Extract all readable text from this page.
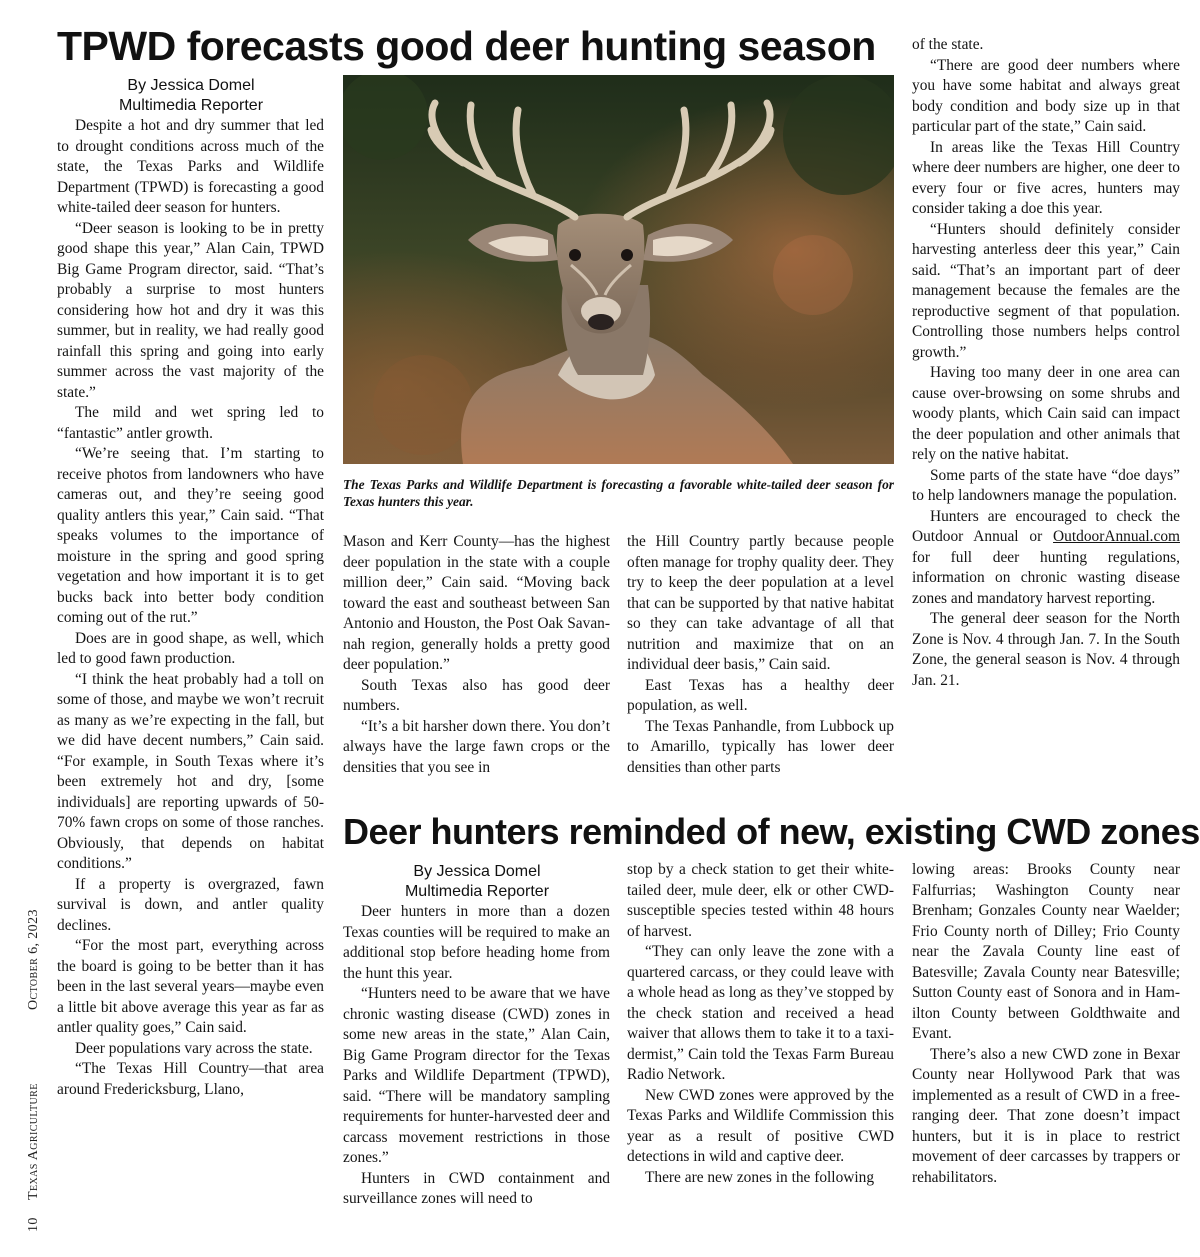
TPWD forecasts good deer hunting season
By Jessica Domel
Multimedia Reporter

Despite a hot and dry summer that led to drought conditions across much of the state, the Texas Parks and Wildlife Department (TPWD) is forecasting a good white-tailed deer season for hunters.

“Deer season is looking to be in pretty good shape this year,” Alan Cain, TPWD Big Game Program director, said. “That’s probably a surprise to most hunters considering how hot and dry it was this summer, but in reality, we had really good rainfall this spring and going into early summer across the vast majority of the state.”

The mild and wet spring led to “fantastic” antler growth.

“We’re seeing that. I’m starting to receive photos from landowners who have cameras out, and they’re seeing good quality antlers this year,” Cain said. “That speaks volumes to the importance of moisture in the spring and good spring vegetation and how important it is to get bucks back into better body condition coming out of the rut.”

Does are in good shape, as well, which led to good fawn production.

“I think the heat probably had a toll on some of those, and maybe we won’t recruit as many as we’re expecting in the fall, but we did have decent numbers,” Cain said. “For example, in South Texas where it’s been extremely hot and dry, [some individuals] are reporting upwards of 50-70% fawn crops on some of those ranches. Obviously, that depends on habitat conditions.”

If a property is overgrazed, fawn survival is down, and antler quality declines.

“For the most part, everything across the board is going to be better than it has been in the last several years—maybe even a little bit above average this year as far as antler quality goes,” Cain said.

Deer populations vary across the state.

“The Texas Hill Country—that area around Fredericksburg, Llano,

The Texas Parks and Wildlife Department is forecasting a favorable white-tailed deer season for Texas hunters this year.

Mason and Kerr County—has the highest deer population in the state with a couple million deer,” Cain said. “Moving back toward the east and southeast between San Antonio and Houston, the Post Oak Savannah region, generally holds a pretty good deer population.”

South Texas also has good deer numbers.

“It’s a bit harsher down there. You don’t always have the large fawn crops or the densities that you see in

the Hill Country partly because people often manage for trophy quality deer. They try to keep the deer population at a level that can be supported by that native habitat so they can take advantage of all that nutrition and maximize that on an individual deer basis,” Cain said.

East Texas has a healthy deer population, as well.

The Texas Panhandle, from Lubbock up to Amarillo, typically has lower deer densities than other parts

of the state.

“There are good deer numbers where you have some habitat and always great body condition and body size up in that particular part of the state,” Cain said.

In areas like the Texas Hill Country where deer numbers are higher, one deer to every four or five acres, hunters may consider taking a doe this year.

“Hunters should definitely consider harvesting anterless deer this year,” Cain said. “That’s an important part of deer management because the females are the reproductive segment of that population. Controlling those numbers helps control growth.”

Having too many deer in one area can cause over-browsing on some shrubs and woody plants, which Cain said can impact the deer population and other animals that rely on the native habitat.

Some parts of the state have “doe days” to help landowners manage the population.

Hunters are encouraged to check the Outdoor Annual or OutdoorAnnual.com for full deer hunting regulations, information on chronic wasting disease zones and mandatory harvest reporting.

The general deer season for the North Zone is Nov. 4 through Jan. 7. In the South Zone, the general season is Nov. 4 through Jan. 21.

Deer hunters reminded of new, existing CWD zones
By Jessica Domel
Multimedia Reporter

Deer hunters in more than a dozen Texas counties will be required to make an additional stop before heading home from the hunt this year.

“Hunters need to be aware that we have chronic wasting disease (CWD) zones in some new areas in the state,” Alan Cain, Big Game Program director for the Texas Parks and Wildlife Department (TPWD), said. “There will be mandatory sampling requirements for hunter-harvested deer and carcass movement restrictions in those zones.”

Hunters in CWD containment and surveillance zones will need to

stop by a check station to get their white-tailed deer, mule deer, elk or other CWD-susceptible species tested within 48 hours of harvest.

“They can only leave the zone with a quartered carcass, or they could leave with a whole head as long as they’ve stopped by the check station and received a head waiver that allows them to take it to a taxidermist,” Cain told the Texas Farm Bureau Radio Network.

New CWD zones were approved by the Texas Parks and Wildlife Commission this year as a result of positive CWD detections in wild and captive deer.

There are new zones in the following

lowing areas: Brooks County near Falfurrias; Washington County near Brenham; Gonzales County near Waelder; Frio County north of Dilley; Frio County near the Zavala County line east of Batesville; Zavala County near Batesville; Sutton County east of Sonora and in Hamilton County between Goldthwaite and Evant.

There’s also a new CWD zone in Bexar County near Hollywood Park that was implemented as a result of CWD in a free-ranging deer. That zone doesn’t impact hunters, but it is in place to restrict movement of deer carcasses by trappers or rehabilitators.

10Texas AgricultureOctober 6, 2023
